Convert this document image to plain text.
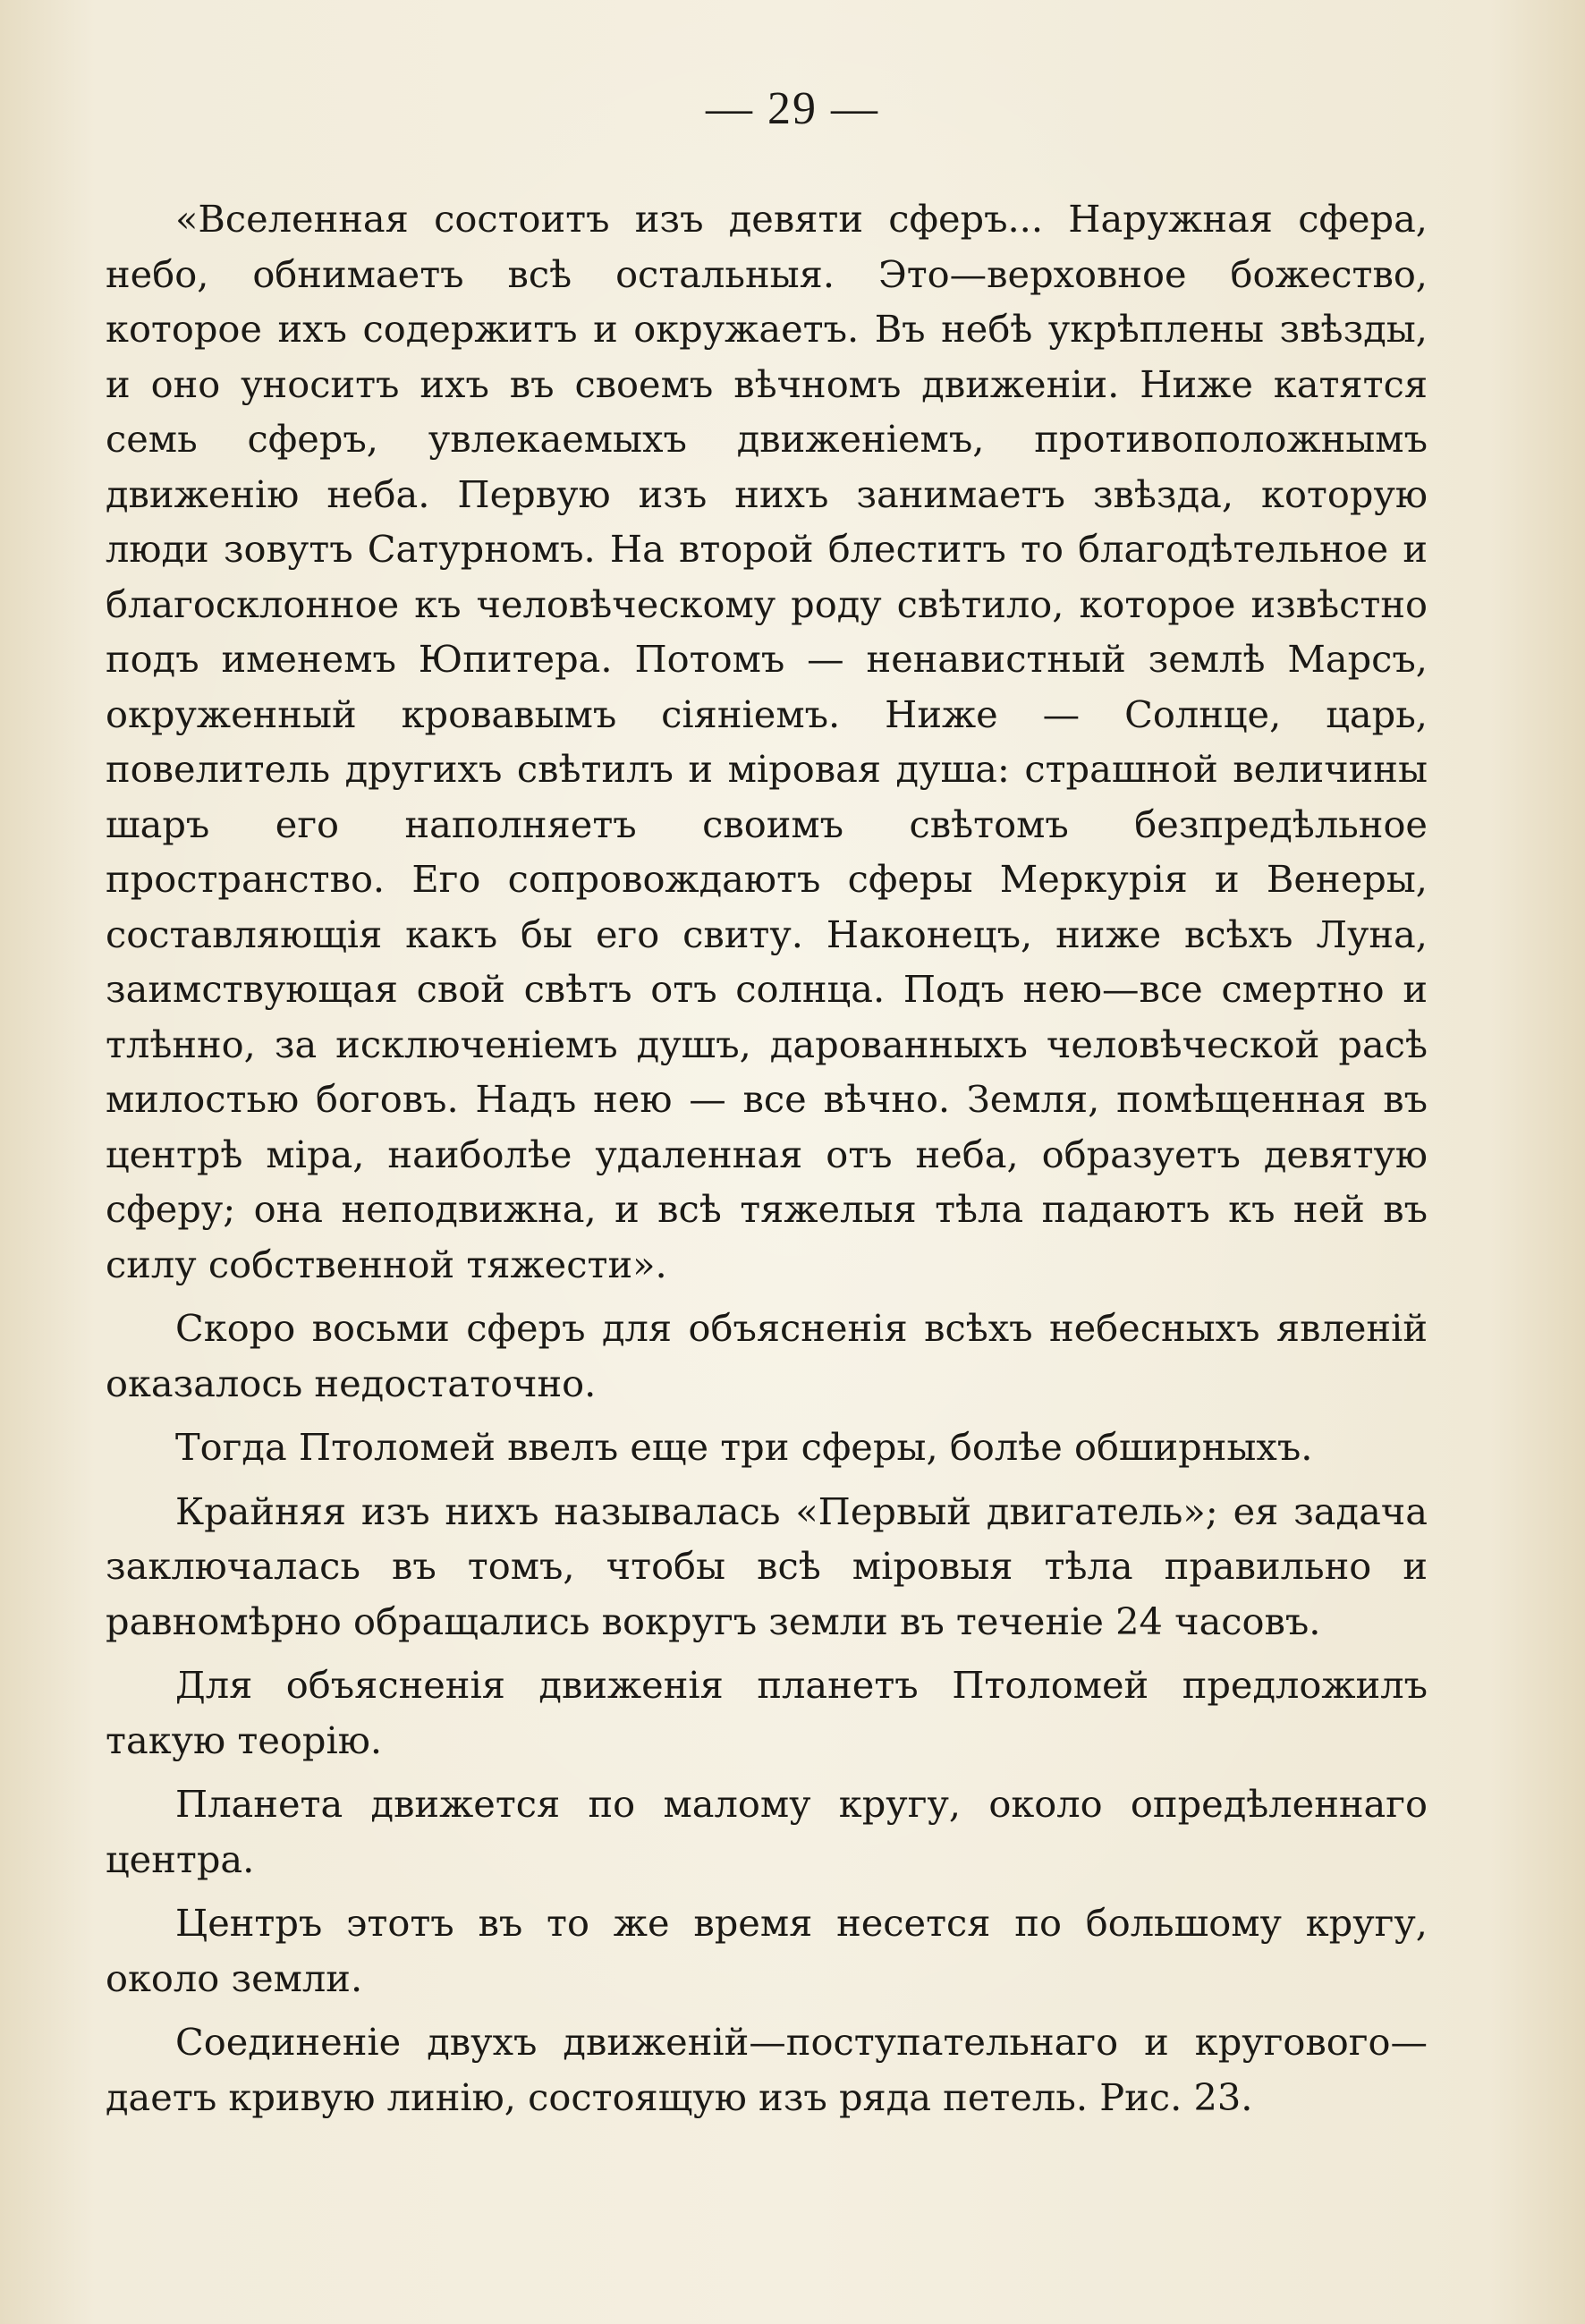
— 29 —

«Вселенная состоитъ изъ девяти сферъ... Наружная сфера, небо, обнимаетъ всѣ остальныя. Это—верховное божество, которое ихъ содержитъ и окружаетъ. Въ небѣ укрѣплены звѣзды, и оно уноситъ ихъ въ своемъ вѣчномъ движеніи. Ниже катятся семь сферъ, увлекаемыхъ движеніемъ, противоположнымъ движенію неба. Первую изъ нихъ занимаетъ звѣзда, которую люди зовутъ Сатурномъ. На второй блеститъ то благодѣтельное и благосклонное къ человѣческому роду свѣтило, которое извѣстно подъ именемъ Юпитера. Потомъ — ненавистный землѣ Марсъ, окруженный кровавымъ сіяніемъ. Ниже — Солнце, царь, повелитель другихъ свѣтилъ и міровая душа: страшной величины шаръ его наполняетъ своимъ свѣтомъ безпредѣльное пространство. Его сопровождаютъ сферы Меркурія и Венеры, составляющія какъ бы его свиту. Наконецъ, ниже всѣхъ Луна, заимствующая свой свѣтъ отъ солнца. Подъ нею—все смертно и тлѣнно, за исключеніемъ душъ, дарованныхъ человѣческой расѣ милостью боговъ. Надъ нею — все вѣчно. Земля, помѣщенная въ центрѣ міра, наиболѣе удаленная отъ неба, образуетъ девятую сферу; она неподвижна, и всѣ тяжелыя тѣла падаютъ къ ней въ силу собственной тяжести».

Скоро восьми сферъ для объясненія всѣхъ небесныхъ явленій оказалось недостаточно.

Тогда Птоломей ввелъ еще три сферы, болѣе обширныхъ.

Крайняя изъ нихъ называлась «Первый двигатель»; ея задача заключалась въ томъ, чтобы всѣ міровыя тѣла правильно и равномѣрно обращались вокругъ земли въ теченіе 24 часовъ.

Для объясненія движенія планетъ Птоломей предложилъ такую теорію.

Планета движется по малому кругу, около опредѣленнаго центра.

Центръ этотъ въ то же время несется по большому кругу, около земли.

Соединеніе двухъ движеній—поступательнаго и кругового—даетъ кривую линію, состоящую изъ ряда петель. Рис. 23.
